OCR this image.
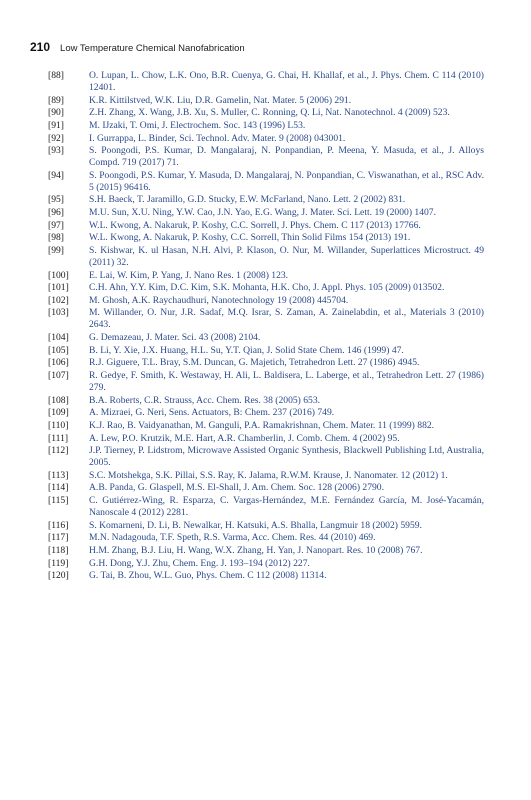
210 Low Temperature Chemical Nanofabrication
[88]	O. Lupan, L. Chow, L.K. Ono, B.R. Cuenya, G. Chai, H. Khallaf, et al., J. Phys. Chem. C 114 (2010) 12401.
[89]	K.R. Kittilstved, W.K. Liu, D.R. Gamelin, Nat. Mater. 5 (2006) 291.
[90]	Z.H. Zhang, X. Wang, J.B. Xu, S. Muller, C. Ronning, Q. Li, Nat. Nanotechnol. 4 (2009) 523.
[91]	M. IJzaki, T. Omi, J. Electrochem. Soc. 143 (1996) L53.
[92]	I. Gurrappa, L. Binder, Sci. Technol. Adv. Mater. 9 (2008) 043001.
[93]	S. Poongodi, P.S. Kumar, D. Mangalaraj, N. Ponpandian, P. Meena, Y. Masuda, et al., J. Alloys Compd. 719 (2017) 71.
[94]	S. Poongodi, P.S. Kumar, Y. Masuda, D. Mangalaraj, N. Ponpandian, C. Viswanathan, et al., RSC Adv. 5 (2015) 96416.
[95]	S.H. Baeck, T. Jaramillo, G.D. Stucky, E.W. McFarland, Nano. Lett. 2 (2002) 831.
[96]	M.U. Sun, X.U. Ning, Y.W. Cao, J.N. Yao, E.G. Wang, J. Mater. Sci. Lett. 19 (2000) 1407.
[97]	W.L. Kwong, A. Nakaruk, P. Koshy, C.C. Sorrell, J. Phys. Chem. C 117 (2013) 17766.
[98]	W.L. Kwong, A. Nakaruk, P. Koshy, C.C. Sorrell, Thin Solid Films 154 (2013) 191.
[99]	S. Kishwar, K. ul Hasan, N.H. Alvi, P. Klason, O. Nur, M. Willander, Superlattices Microstruct. 49 (2011) 32.
[100] E. Lai, W. Kim, P. Yang, J. Nano Res. 1 (2008) 123.
[101] C.H. Ahn, Y.Y. Kim, D.C. Kim, S.K. Mohanta, H.K. Cho, J. Appl. Phys. 105 (2009) 013502.
[102] M. Ghosh, A.K. Raychaudhuri, Nanotechnology 19 (2008) 445704.
[103] M. Willander, O. Nur, J.R. Sadaf, M.Q. Israr, S. Zaman, A. Zainelabdin, et al., Materials 3 (2010) 2643.
[104] G. Demazeau, J. Mater. Sci. 43 (2008) 2104.
[105] B. Li, Y. Xie, J.X. Huang, H.L. Su, Y.T. Qian, J. Solid State Chem. 146 (1999) 47.
[106] R.J. Giguere, T.L. Bray, S.M. Duncan, G. Majetich, Tetrahedron Lett. 27 (1986) 4945.
[107] R. Gedye, F. Smith, K. Westaway, H. Ali, L. Baldisera, L. Laberge, et al., Tetrahedron Lett. 27 (1986) 279.
[108] B.A. Roberts, C.R. Strauss, Acc. Chem. Res. 38 (2005) 653.
[109] A. Mizraei, G. Neri, Sens. Actuators, B: Chem. 237 (2016) 749.
[110] K.J. Rao, B. Vaidyanathan, M. Ganguli, P.A. Ramakrishnan, Chem. Mater. 11 (1999) 882.
[111] A. Lew, P.O. Krutzik, M.E. Hart, A.R. Chamberlin, J. Comb. Chem. 4 (2002) 95.
[112] J.P. Tierney, P. Lidstrom, Microwave Assisted Organic Synthesis, Blackwell Publishing Ltd, Australia, 2005.
[113] S.C. Motshekga, S.K. Pillai, S.S. Ray, K. Jalama, R.W.M. Krause, J. Nanomater. 12 (2012) 1.
[114] A.B. Panda, G. Glaspell, M.S. El-Shall, J. Am. Chem. Soc. 128 (2006) 2790.
[115] C. Gutiérrez-Wing, R. Esparza, C. Vargas-Hernández, M.E. Fernández García, M. José-Yacamán, Nanoscale 4 (2012) 2281.
[116] S. Komarneni, D. Li, B. Newalkar, H. Katsuki, A.S. Bhalla, Langmuir 18 (2002) 5959.
[117] M.N. Nadagouda, T.F. Speth, R.S. Varma, Acc. Chem. Res. 44 (2010) 469.
[118] H.M. Zhang, B.J. Liu, H. Wang, W.X. Zhang, H. Yan, J. Nanopart. Res. 10 (2008) 767.
[119] G.H. Dong, Y.J. Zhu, Chem. Eng. J. 193–194 (2012) 227.
[120] G. Tai, B. Zhou, W.L. Guo, Phys. Chem. C 112 (2008) 11314.
